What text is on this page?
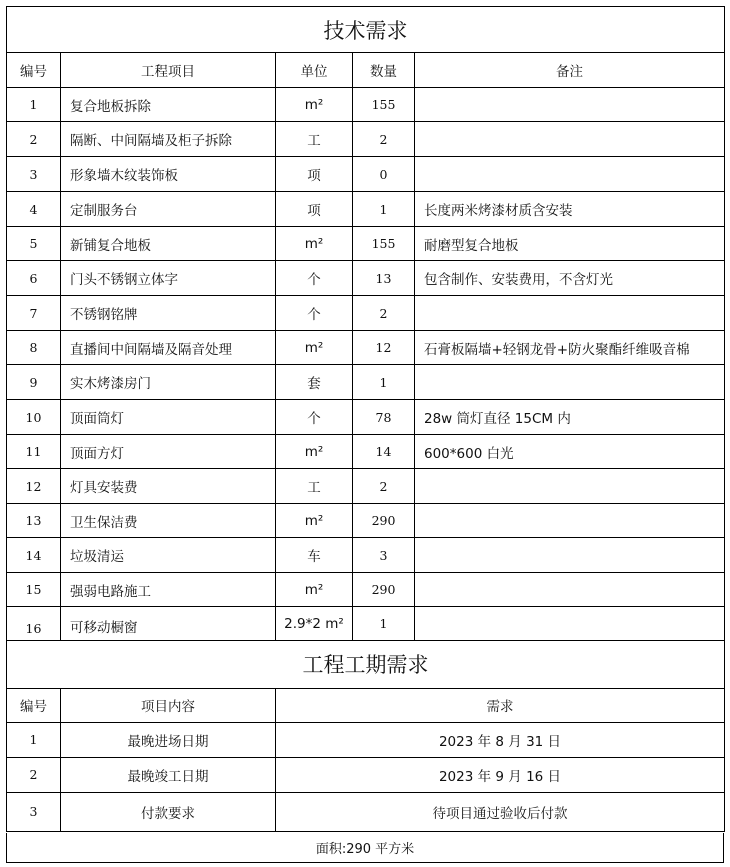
技术需求				
编号	工程项目	单位	数量	备注
1	复合地板拆除	m²	155	
2	隔断、中间隔墙及柜子拆除	工	2	
3	形象墙木纹装饰板	项	0	
4	定制服务台	项	1	长度两米烤漆材质含安装
5	新铺复合地板	m²	155	耐磨型复合地板
6	门头不锈钢立体字	个	13	包含制作、安装费用，不含灯光
7	不锈钢铭牌	个	2	
8	直播间中间隔墙及隔音处理	m²	12	石膏板隔墙+轻钢龙骨+防火聚酯纤维吸音棉
9	实木烤漆房门	套	1	
10	顶面筒灯	个	78	28w 筒灯直径 15CM 内
11	顶面方灯	m²	14	600*600 白光
12	灯具安装费	工	2	
13	卫生保洁费	m²	290	
14	垃圾清运	车	3	
15	强弱电路施工	m²	290	
16	可移动橱窗	2.9*2 m²	1	
工程工期需求		
编号	项目内容	需求
1	最晚进场日期	2023 年 8 月 31 日
2	最晚竣工日期	2023 年 9 月 16 日
3	付款要求	待项目通过验收后付款
面积:290 平方米
